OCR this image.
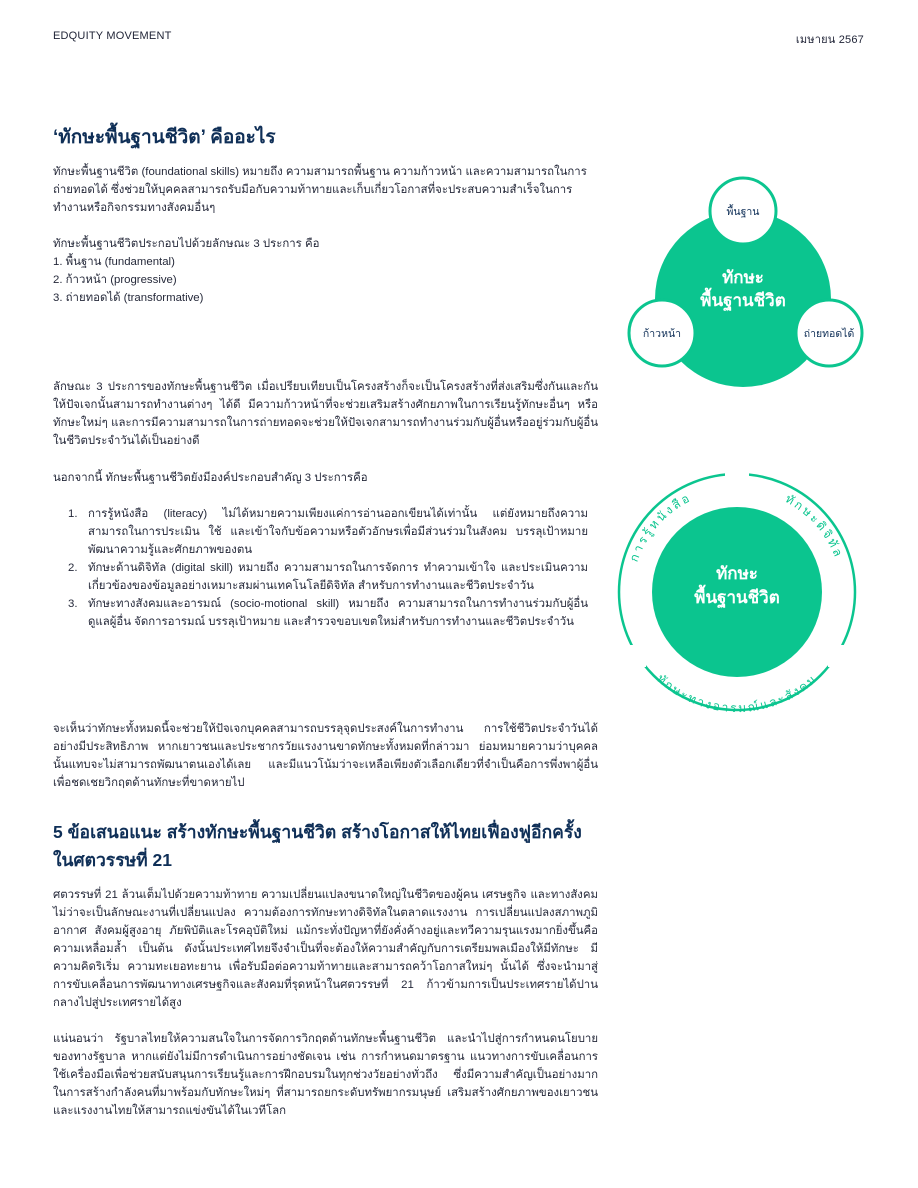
EDQUITY MOVEMENT	เมษายน 2567
‘ทักษะพื้นฐานชีวิต’ คืออะไร

ทักษะพื้นฐานชีวิต (foundational skills) หมายถึง ความสามารถพื้นฐาน ความก้าวหน้า และความสามารถในการถ่ายทอดได้ ซึ่งช่วยให้บุคคลสามารถรับมือกับความท้าทายและเก็บเกี่ยวโอกาสที่จะประสบความสำเร็จในการทำงานหรือกิจกรรมทางสังคมอื่นๆ

ทักษะพื้นฐานชีวิตประกอบไปด้วยลักษณะ 3 ประการ คือ

1. พื้นฐาน (fundamental)
2. ก้าวหน้า (progressive)
3. ถ่ายทอดได้ (transformative)

ลักษณะ 3 ประการของทักษะพื้นฐานชีวิต เมื่อเปรียบเทียบเป็นโครงสร้างก็จะเป็นโครงสร้างที่ส่งเสริมซึ่งกันและกัน ให้ปัจเจกนั้นสามารถทำงานต่างๆ ได้ดี มีความก้าวหน้าที่จะช่วยเสริมสร้างศักยภาพในการเรียนรู้ทักษะอื่นๆ หรือทักษะใหม่ๆ และการมีความสามารถในการถ่ายทอดจะช่วยให้ปัจเจกสามารถทำงานร่วมกับผู้อื่นหรืออยู่ร่วมกับผู้อื่นในชีวิตประจำวันได้เป็นอย่างดี

นอกจากนี้ ทักษะพื้นฐานชีวิตยังมีองค์ประกอบสำคัญ 3 ประการคือ

1. การรู้หนังสือ (literacy) ไม่ได้หมายความเพียงแค่การอ่านออกเขียนได้เท่านั้น แต่ยังหมายถึงความสามารถในการประเมิน ใช้ และเข้าใจกับข้อความหรือตัวอักษรเพื่อมีส่วนร่วมในสังคม บรรลุเป้าหมาย พัฒนาความรู้และศักยภาพของตน
2. ทักษะด้านดิจิทัล (digital skill) หมายถึง ความสามารถในการจัดการ ทำความเข้าใจ และประเมินความเกี่ยวข้องของข้อมูลอย่างเหมาะสมผ่านเทคโนโลยีดิจิทัล สำหรับการทำงานและชีวิตประจำวัน
3. ทักษะทางสังคมและอารมณ์ (socio-motional skill) หมายถึง ความสามารถในการทำงานร่วมกับผู้อื่น ดูแลผู้อื่น จัดการอารมณ์ บรรลุเป้าหมาย และสำรวจขอบเขตใหม่สำหรับการทำงานและชีวิตประจำวัน

จะเห็นว่าทักษะทั้งหมดนี้จะช่วยให้ปัจเจกบุคคลสามารถบรรลุจุดประสงค์ในการทำงาน การใช้ชีวิตประจำวันได้อย่างมีประสิทธิภาพ หากเยาวชนและประชากรวัยแรงงานขาดทักษะทั้งหมดที่กล่าวมา ย่อมหมายความว่าบุคคลนั้นแทบจะไม่สามารถพัฒนาตนเองได้เลย และมีแนวโน้มว่าจะเหลือเพียงตัวเลือกเดียวที่จำเป็นคือการพึ่งพาผู้อื่นเพื่อชดเชยวิกฤตด้านทักษะที่ขาดหายไป

5 ข้อเสนอแนะ สร้างทักษะพื้นฐานชีวิต สร้างโอกาสให้ไทยเฟื่องฟูอีกครั้ง
ในศตวรรษที่ 21

ศตวรรษที่ 21 ล้วนเต็มไปด้วยความท้าทาย ความเปลี่ยนแปลงขนาดใหญ่ในชีวิตของผู้คน เศรษฐกิจ และทางสังคม ไม่ว่าจะเป็นลักษณะงานที่เปลี่ยนแปลง ความต้องการทักษะทางดิจิทัลในตลาดแรงงาน การเปลี่ยนแปลงสภาพภูมิอากาศ สังคมผู้สูงอายุ ภัยพิบัติและโรคอุบัติใหม่ แม้กระทั่งปัญหาที่ยังคั่งค้างอยู่และทวีความรุนแรงมากยิ่งขึ้นคือ ความเหลื่อมล้ำ เป็นต้น ดังนั้นประเทศไทยจึงจำเป็นที่จะต้องให้ความสำคัญกับการเตรียมพลเมืองให้มีทักษะ มีความคิดริเริ่ม ความทะเยอทะยาน เพื่อรับมือต่อความท้าทายและสามารถคว้าโอกาสใหม่ๆ นั้นได้ ซึ่งจะนำมาสู่การขับเคลื่อนการพัฒนาทางเศรษฐกิจและสังคมที่รุดหน้าในศตวรรษที่ 21 ก้าวข้ามการเป็นประเทศรายได้ปานกลางไปสู่ประเทศรายได้สูง

แน่นอนว่า รัฐบาลไทยให้ความสนใจในการจัดการวิกฤตด้านทักษะพื้นฐานชีวิต และนำไปสู่การกำหนดนโยบายของทางรัฐบาล หากแต่ยังไม่มีการดำเนินการอย่างชัดเจน เช่น การกำหนดมาตรฐาน แนวทางการขับเคลื่อนการใช้เครื่องมือเพื่อช่วยสนับสนุนการเรียนรู้และการฝึกอบรมในทุกช่วงวัยอย่างทั่วถึง ซึ่งมีความสำคัญเป็นอย่างมากในการสร้างกำลังคนที่มาพร้อมกับทักษะใหม่ๆ ที่สามารถยกระดับทรัพยากรมนุษย์ เสริมสร้างศักยภาพของเยาวชนและแรงงานไทยให้สามารถแข่งขันได้ในเวทีโลก

ทักษะ
พื้นฐานชีวิต
พื้นฐาน
ก้าวหน้า	ถ่ายทอดได้
ทักษะ
พื้นฐานชีวิต
การรู้หนังสือ	ทักษะดิจิทัล
ทักษะทางอารมณ์และสังคม
